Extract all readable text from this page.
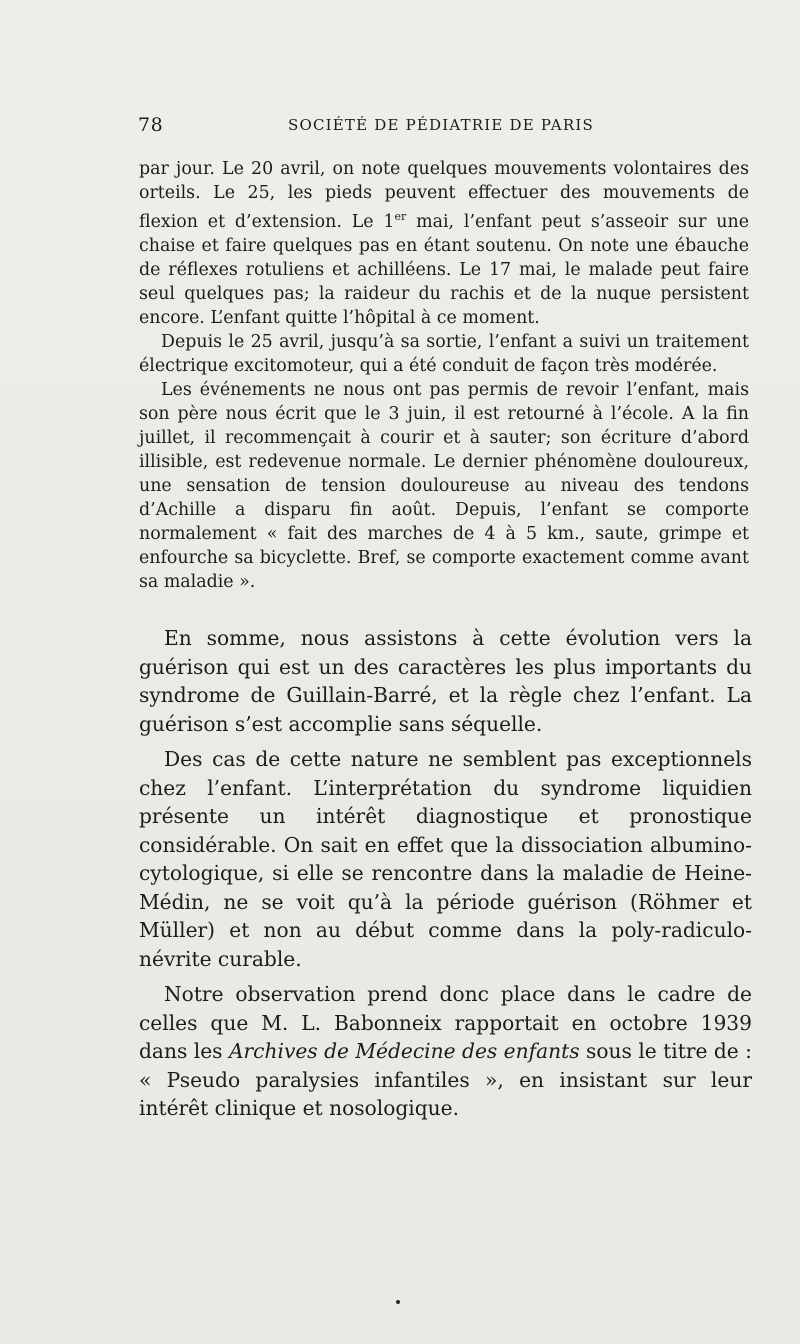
78	SOCIÉTÉ DE PÉDIATRIE DE PARIS

par jour. Le 20 avril, on note quelques mouvements volontaires des orteils. Le 25, les pieds peuvent effectuer des mouvements de flexion et d’extension. Le 1er mai, l’enfant peut s’asseoir sur une chaise et faire quelques pas en étant soutenu. On note une ébauche de réflexes rotuliens et achilléens. Le 17 mai, le malade peut faire seul quelques pas; la raideur du rachis et de la nuque persistent encore. L’enfant quitte l’hôpital à ce moment.

Depuis le 25 avril, jusqu’à sa sortie, l’enfant a suivi un traitement électrique excitomoteur, qui a été conduit de façon très modérée.

Les événements ne nous ont pas permis de revoir l’enfant, mais son père nous écrit que le 3 juin, il est retourné à l’école. A la fin juillet, il recommençait à courir et à sauter; son écriture d’abord illisible, est redevenue normale. Le dernier phénomène douloureux, une sensation de tension douloureuse au niveau des tendons d’Achille a disparu fin août. Depuis, l’enfant se comporte normalement « fait des marches de 4 à 5 km., saute, grimpe et enfourche sa bicyclette. Bref, se comporte exactement comme avant sa maladie ».

En somme, nous assistons à cette évolution vers la guérison qui est un des caractères les plus importants du syndrome de Guillain-Barré, et la règle chez l’enfant. La guérison s’est accomplie sans séquelle.

Des cas de cette nature ne semblent pas exceptionnels chez l’enfant. L’interprétation du syndrome liquidien présente un intérêt diagnostique et pronostique considérable. On sait en effet que la dissociation albumino-cytologique, si elle se rencontre dans la maladie de Heine-Médin, ne se voit qu’à la période guérison (Röhmer et Müller) et non au début comme dans la poly-radiculo-névrite curable.

Notre observation prend donc place dans le cadre de celles que M. L. Babonneix rapportait en octobre 1939 dans les Archives de Médecine des enfants sous le titre de : « Pseudo paralysies infantiles », en insistant sur leur intérêt clinique et nosologique.
